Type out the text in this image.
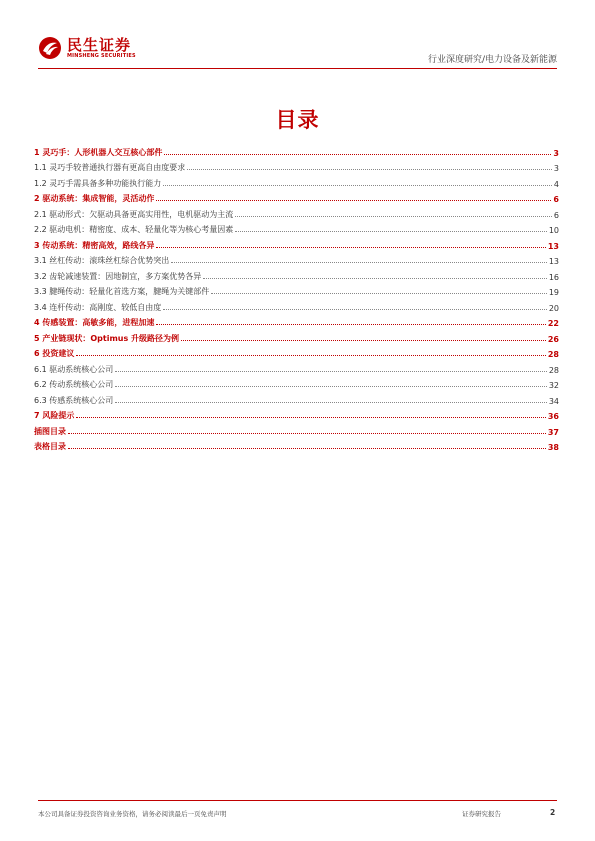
民生证券
MINSHENG SECURITIES	行业深度研究/电力设备及新能源
目录
1 灵巧手：人形机器人交互核心部件	3
1.1 灵巧手较普通执行器有更高自由度要求	3
1.2 灵巧手需具备多种功能执行能力	4
2 驱动系统：集成智能，灵活动作	6
2.1 驱动形式：欠驱动具备更高实用性，电机驱动为主流	6
2.2 驱动电机：精密度、成本、轻量化等为核心考量因素	10
3 传动系统：精密高效，路线各异	13
3.1 丝杠传动：滚珠丝杠综合优势突出	13
3.2 齿轮减速装置：因地制宜，多方案优势各异	16
3.3 腱绳传动：轻量化首选方案，腱绳为关键部件	19
3.4 连杆传动：高刚度、较低自由度	20
4 传感装置：高敏多能，进程加速	22
5 产业链现状：Optimus 升级路径为例	26
6 投资建议	28
6.1 驱动系统核心公司	28
6.2 传动系统核心公司	32
6.3 传感系统核心公司	34
7 风险提示	36
插图目录	37
表格目录	38
本公司具备证券投资咨询业务资格，请务必阅读最后一页免责声明	证券研究报告	2
